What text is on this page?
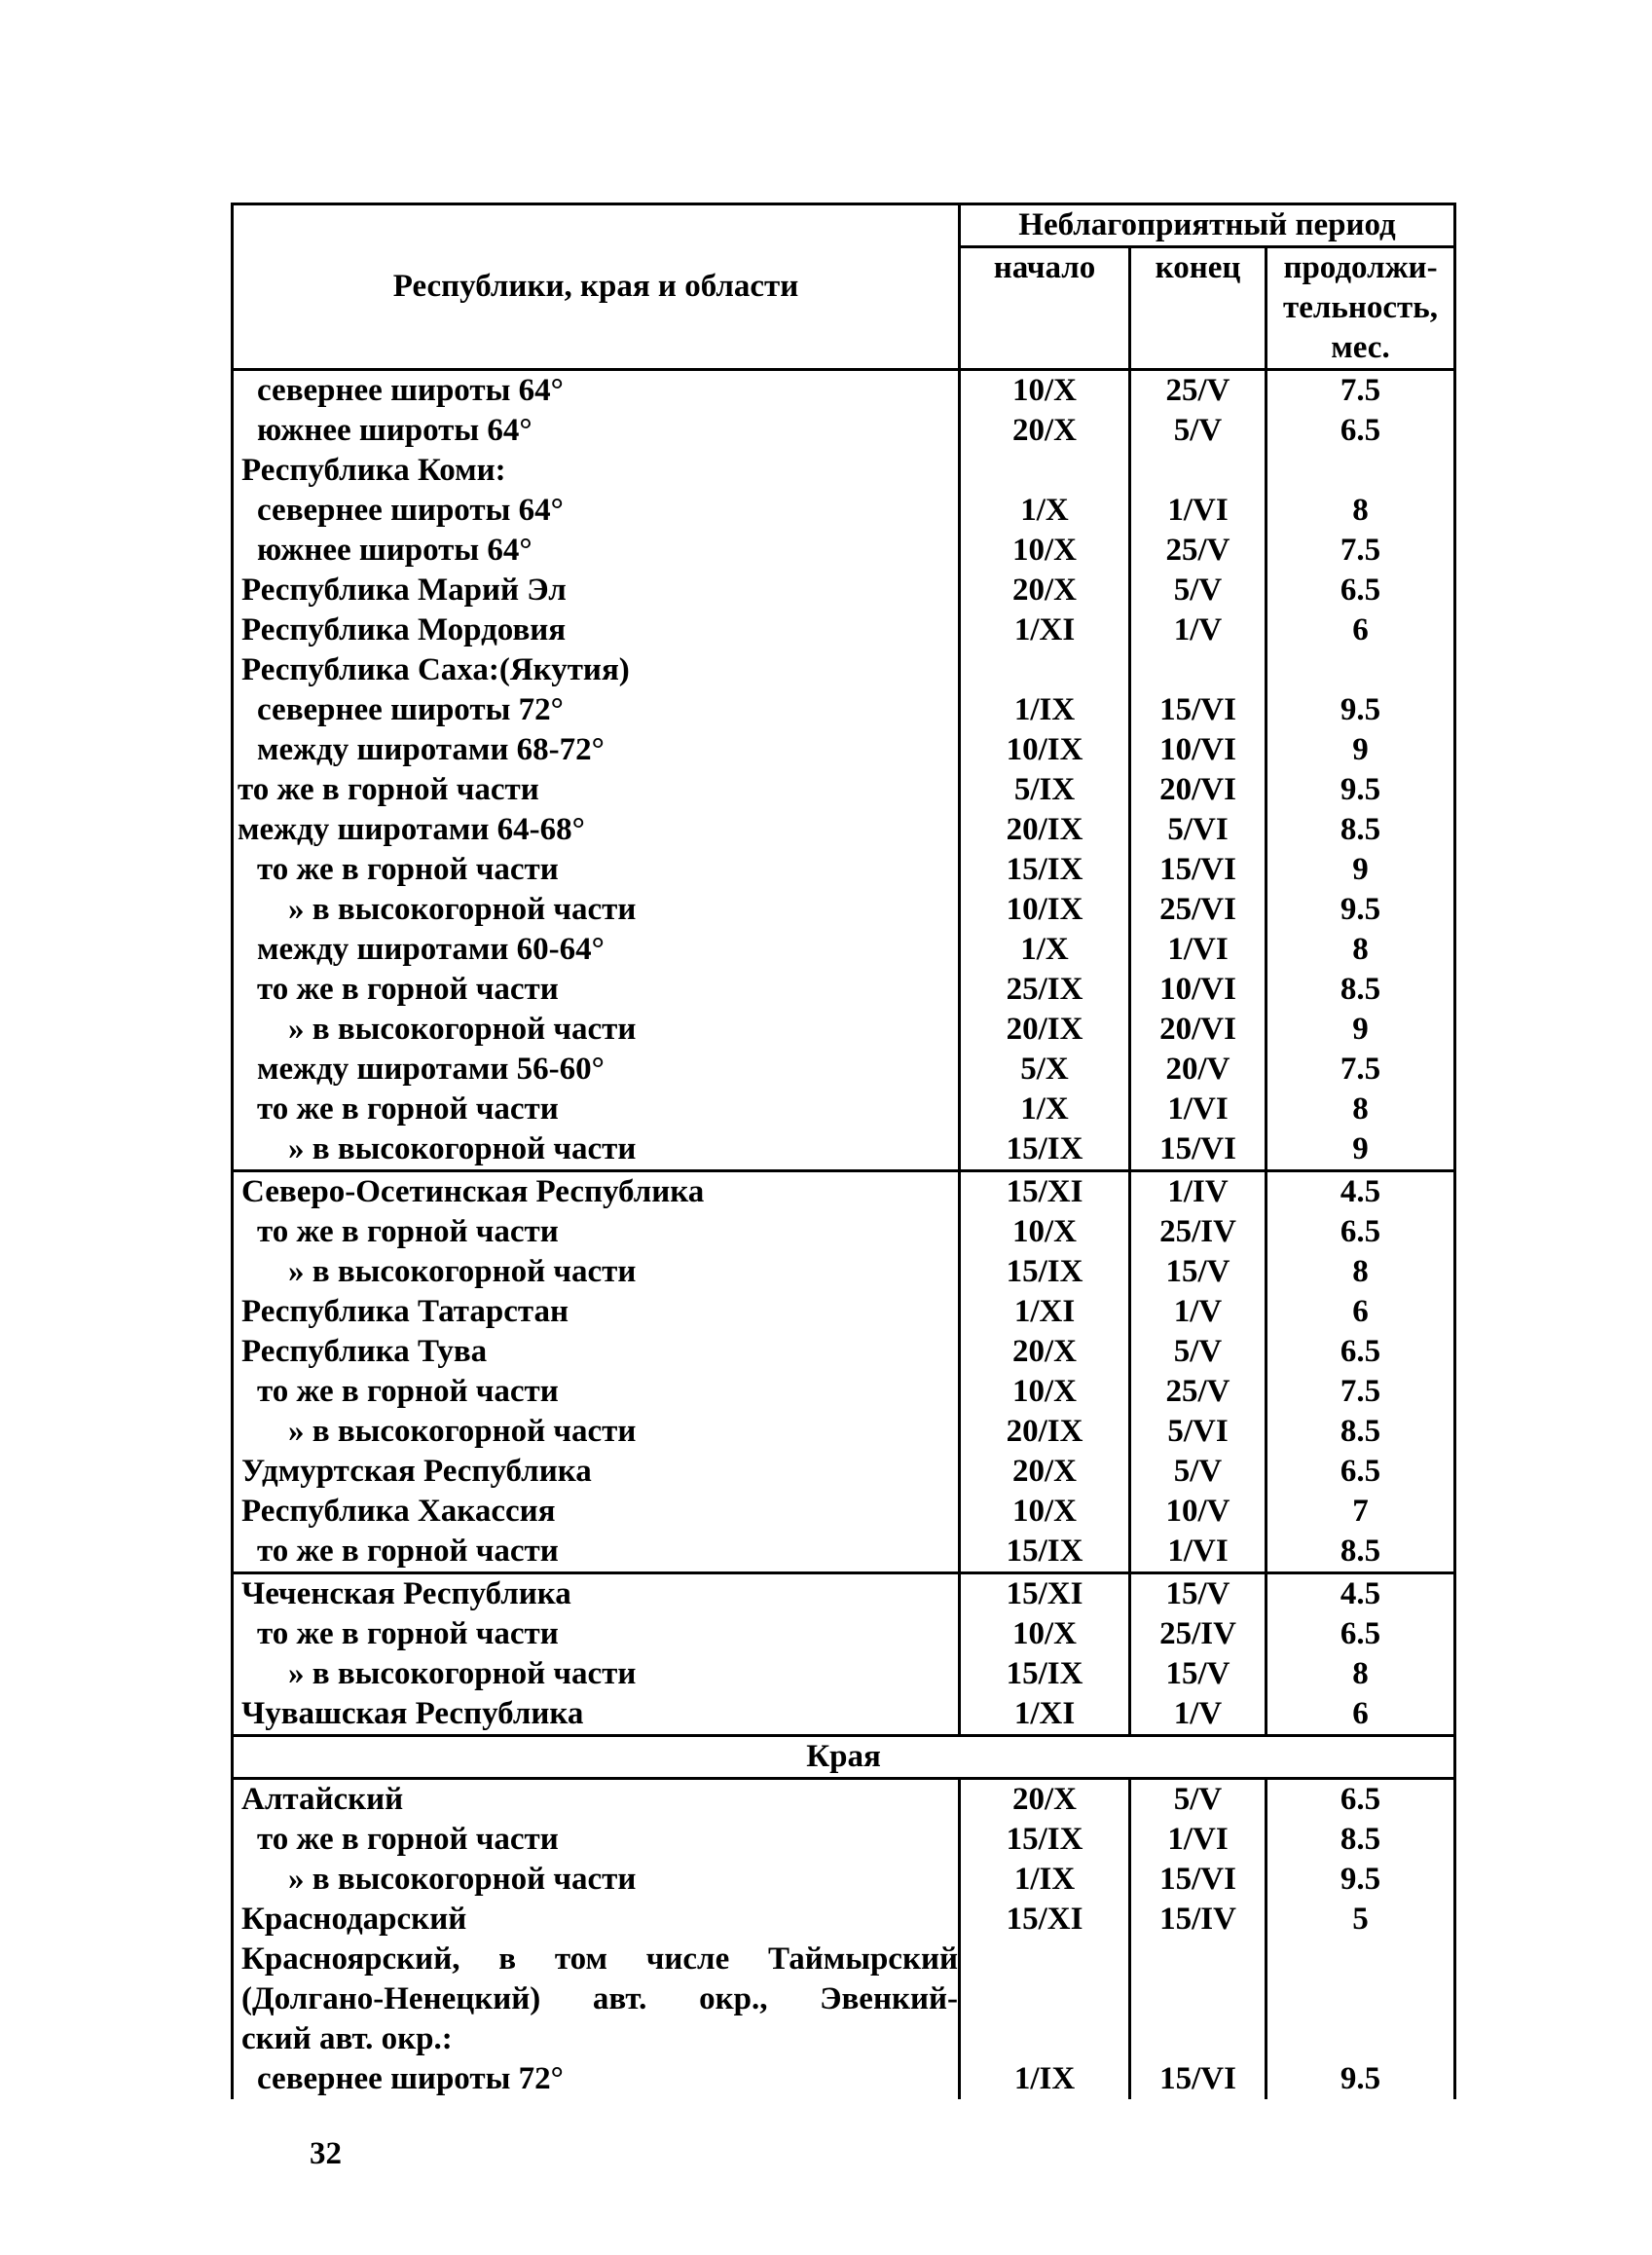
Республики, края и области	Неблагоприятный период		
	начало	конец	продолжи-тельность, мес.
севернее широты 64°	10/X	25/V	7.5
южнее широты 64°	20/X	5/V	6.5
Республика Коми:			
севернее широты 64°	1/X	1/VI	8
южнее широты 64°	10/X	25/V	7.5
Республика Марий Эл	20/X	5/V	6.5
Республика Мордовия	1/XI	1/V	6
Республика Саха:(Якутия)			
севернее широты 72°	1/IX	15/VI	9.5
между широтами 68-72°	10/IX	10/VI	9
то же в горной части	5/IX	20/VI	9.5
между широтами 64-68°	20/IX	5/VI	8.5
то же в горной части	15/IX	15/VI	9
» в высокогорной части	10/IX	25/VI	9.5
между широтами 60-64°	1/X	1/VI	8
то же в горной части	25/IX	10/VI	8.5
» в высокогорной части	20/IX	20/VI	9
между широтами 56-60°	5/X	20/V	7.5
то же в горной части	1/X	1/VI	8
» в высокогорной части	15/IX	15/VI	9
Северо-Осетинская Республика	15/XI	1/IV	4.5
то же в горной части	10/X	25/IV	6.5
» в высокогорной части	15/IX	15/V	8
Республика Татарстан	1/XI	1/V	6
Республика Тува	20/X	5/V	6.5
то же в горной части	10/X	25/V	7.5
» в высокогорной части	20/IX	5/VI	8.5
Удмуртская Республика	20/X	5/V	6.5
Республика Хакассия	10/X	10/V	7
то же в горной части	15/IX	1/VI	8.5
Чеченская Республика	15/XI	15/V	4.5
то же в горной части	10/X	25/IV	6.5
» в высокогорной части	15/IX	15/V	8
Чувашская Республика	1/XI	1/V	6
Края			
Алтайский	20/X	5/V	6.5
то же в горной части	15/IX	1/VI	8.5
» в высокогорной части	1/IX	15/VI	9.5
Краснодарский	15/XI	15/IV	5
Красноярский, в том числе Таймырский			
(Долгано-Ненецкий) авт. окр., Эвенкий-			
ский авт. окр.:			
севернее широты 72°	1/IX	15/VI	9.5
32
